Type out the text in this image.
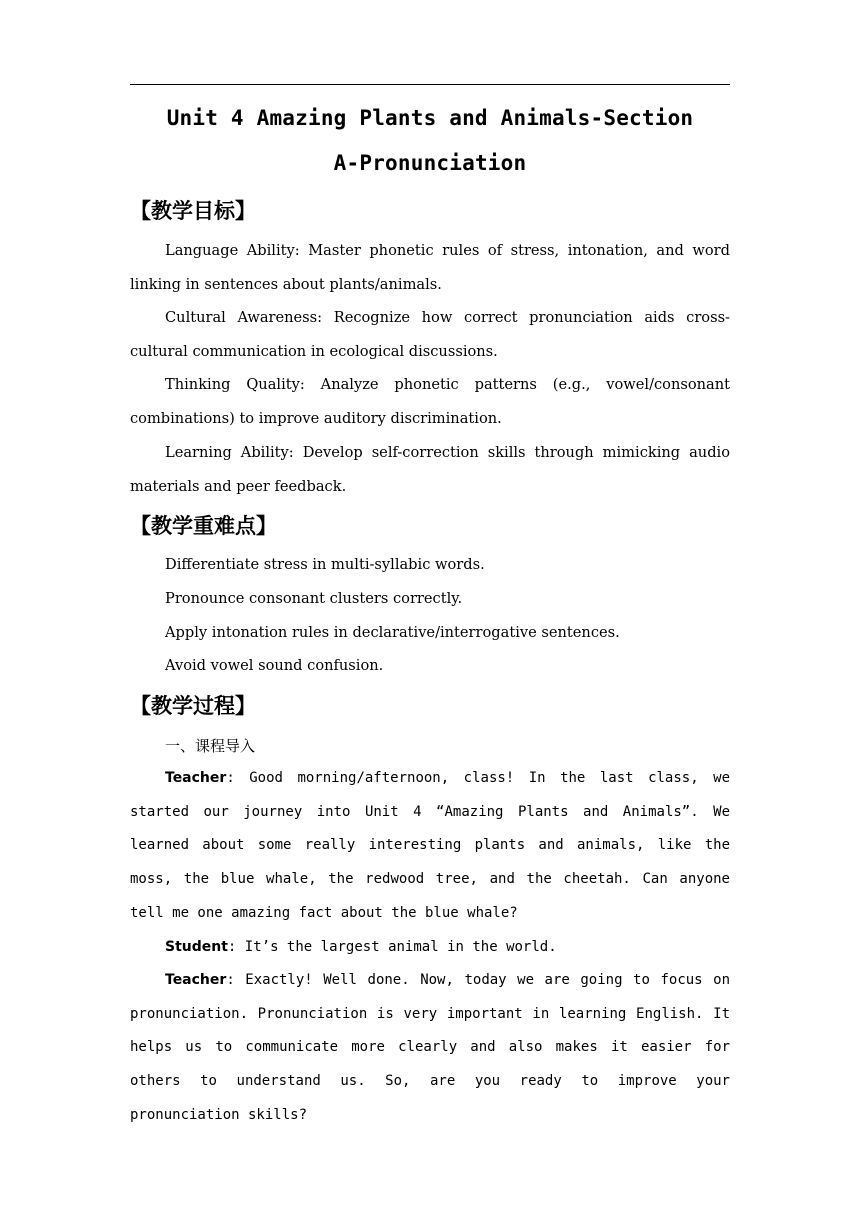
Unit 4 Amazing Plants and Animals-Section
A-Pronunciation
【教学目标】
Language Ability: Master phonetic rules of stress, intonation, and word linking in sentences about plants/animals.
Cultural Awareness: Recognize how correct pronunciation aids cross-cultural communication in ecological discussions.
Thinking Quality: Analyze phonetic patterns (e.g., vowel/consonant combinations) to improve auditory discrimination.
Learning Ability: Develop self-correction skills through mimicking audio materials and peer feedback.
【教学重难点】
Differentiate stress in multi-syllabic words.
Pronounce consonant clusters correctly.
Apply intonation rules in declarative/interrogative sentences.
Avoid vowel sound confusion.
【教学过程】
一、课程导入
Teacher: Good morning/afternoon, class! In the last class, we started our journey into Unit 4 “Amazing Plants and Animals”. We learned about some really interesting plants and animals, like the moss, the blue whale, the redwood tree, and the cheetah. Can anyone tell me one amazing fact about the blue whale?
Student: It’s the largest animal in the world.
Teacher: Exactly! Well done. Now, today we are going to focus on pronunciation. Pronunciation is very important in learning English. It helps us to communicate more clearly and also makes it easier for others to understand us. So, are you ready to improve your pronunciation skills?
